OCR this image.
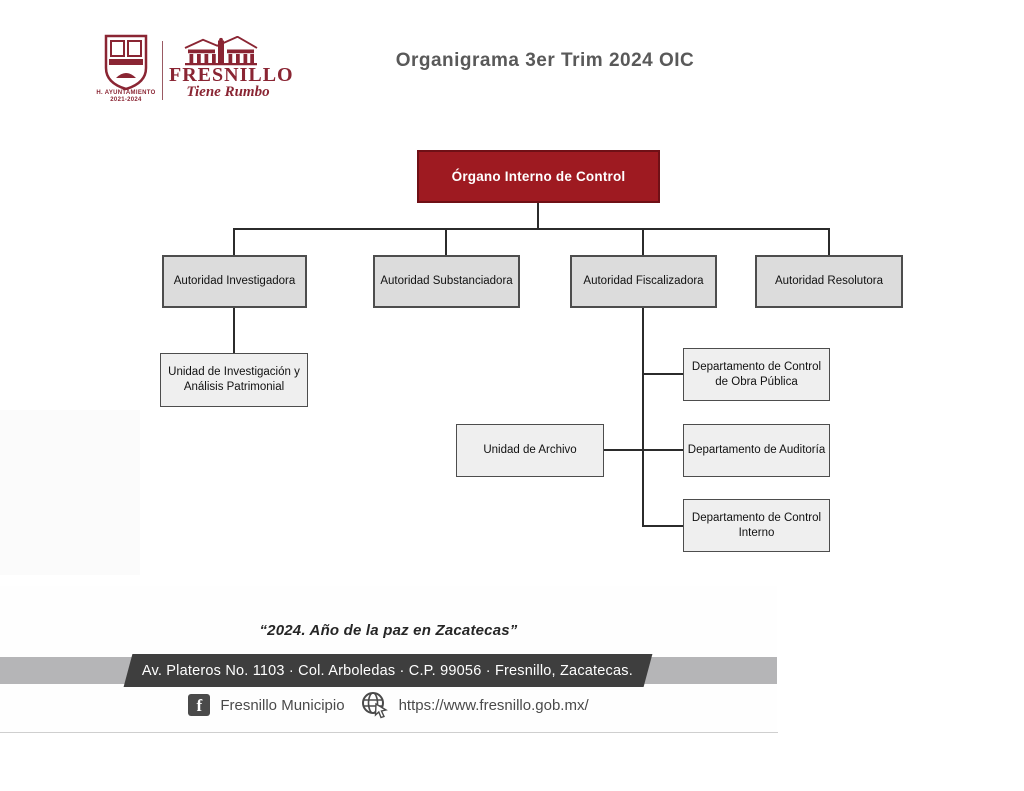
H. AYUNTAMIENTO
2021-2024
FRESNILLO
Tiene Rumbo
Organigrama 3er Trim 2024 OIC
Órgano Interno de Control
Autoridad Investigadora	Autoridad Substanciadora	Autoridad Fiscalizadora	Autoridad Resolutora
Unidad de Investigación y Análisis Patrimonial
Departamento de Control de Obra Pública
Unidad de Archivo	Departamento de Auditoría
Departamento de Control Interno
“2024. Año de la paz en Zacatecas”
Av. Plateros No. 1103 · Col. Arboledas · C.P. 99056 · Fresnillo, Zacatecas.
f	Fresnillo Municipio	https://www.fresnillo.gob.mx/
